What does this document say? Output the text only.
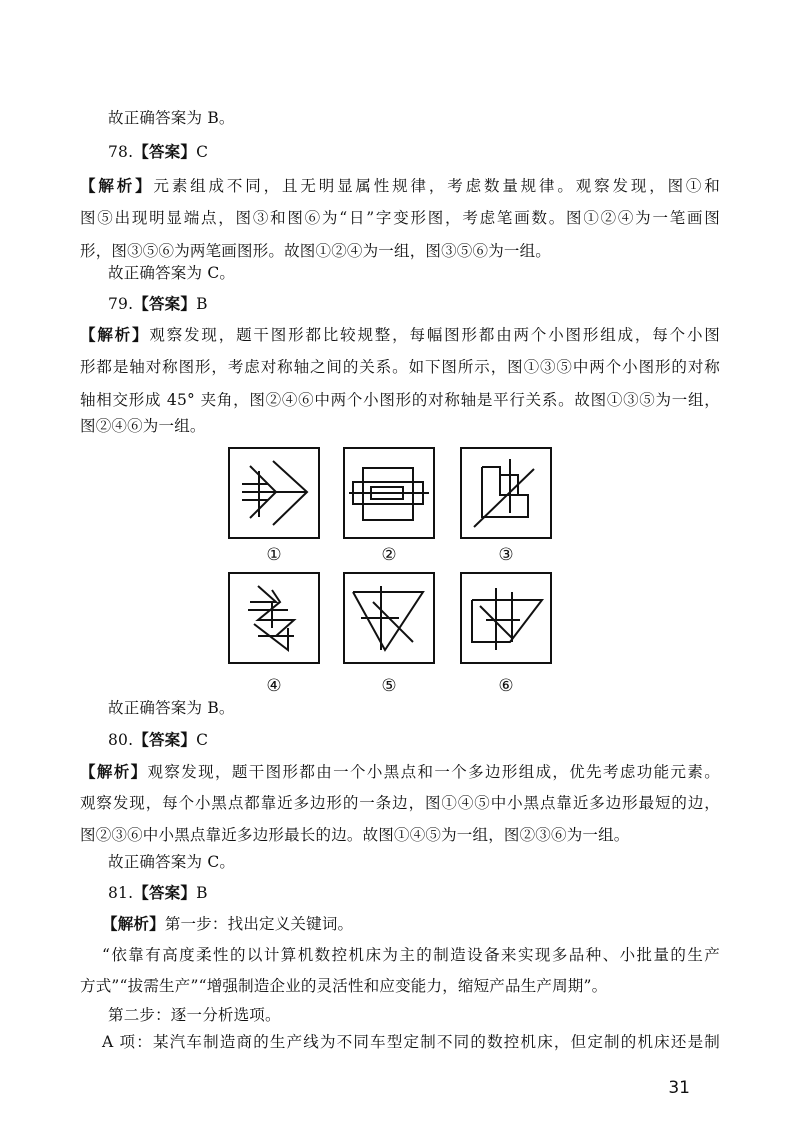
故正确答案为 B。
78.【答案】C
【解析】元素组成不同，且无明显属性规律，考虑数量规律。观察发现，图①和
图⑤出现明显端点，图③和图⑥为“日”字变形图，考虑笔画数。图①②④为一笔画图
形，图③⑤⑥为两笔画图形。故图①②④为一组，图③⑤⑥为一组。
故正确答案为 C。
79.【答案】B
【解析】观察发现，题干图形都比较规整，每幅图形都由两个小图形组成，每个小图
形都是轴对称图形，考虑对称轴之间的关系。如下图所示，图①③⑤中两个小图形的对称
轴相交形成 45° 夹角，图②④⑥中两个小图形的对称轴是平行关系。故图①③⑤为一组，
图②④⑥为一组。
①	②	③
④	⑤	⑥
故正确答案为 B。
80.【答案】C
【解析】观察发现，题干图形都由一个小黑点和一个多边形组成，优先考虑功能元素。
观察发现，每个小黑点都靠近多边形的一条边，图①④⑤中小黑点靠近多边形最短的边，
图②③⑥中小黑点靠近多边形最长的边。故图①④⑤为一组，图②③⑥为一组。
故正确答案为 C。
81.【答案】B
【解析】第一步：找出定义关键词。
“依靠有高度柔性的以计算机数控机床为主的制造设备来实现多品种、小批量的生产
方式”“拔需生产”“增强制造企业的灵活性和应变能力，缩短产品生产周期”。
第二步：逐一分析选项。
A 项：某汽车制造商的生产线为不同车型定制不同的数控机床，但定制的机床还是制
31
